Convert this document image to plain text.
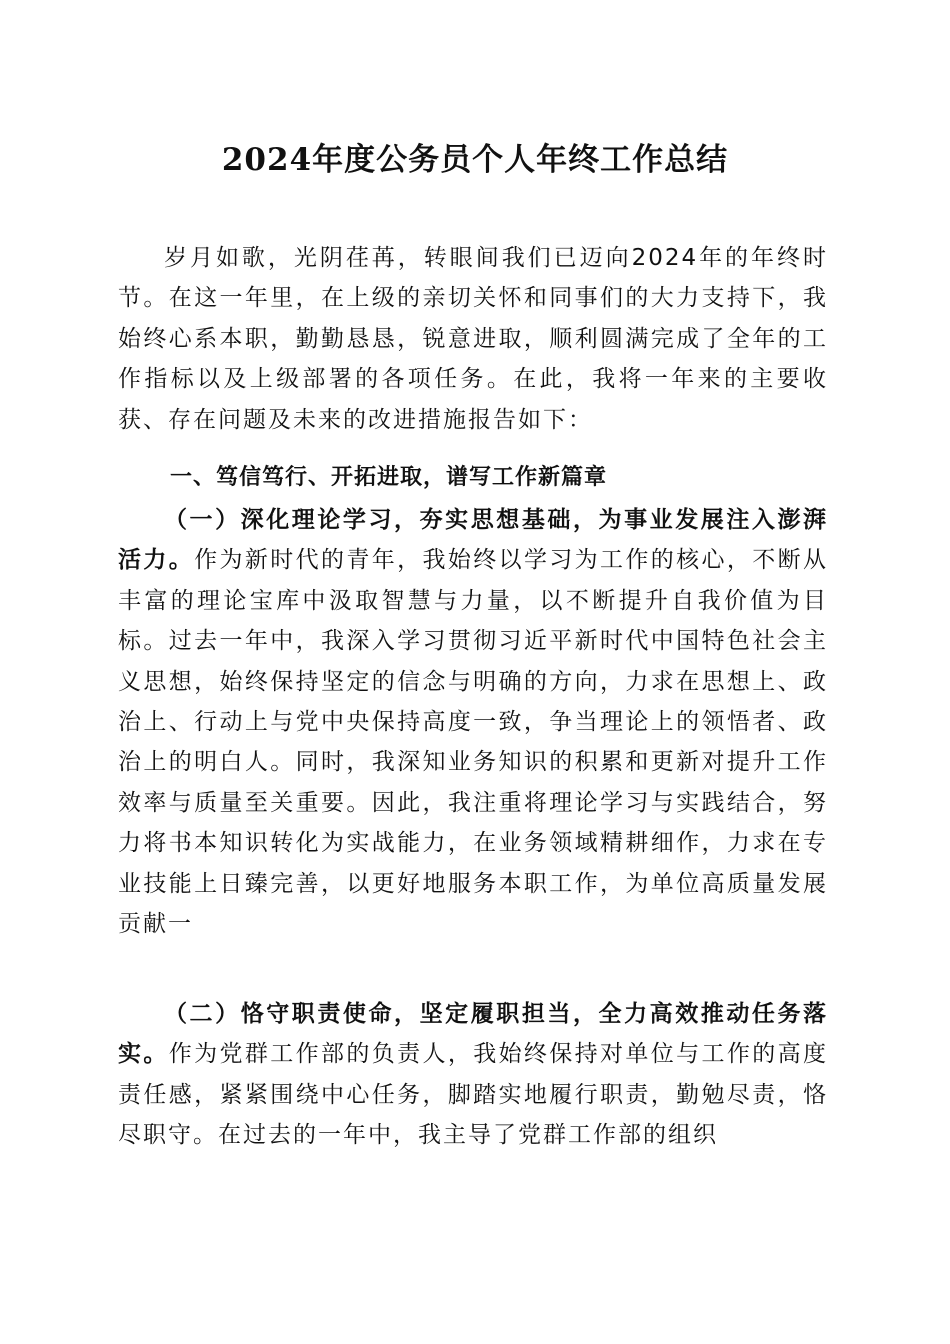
2024年度公务员个人年终工作总结

岁月如歌，光阴荏苒，转眼间我们已迈向2024年的年终时节。在这一年里，在上级的亲切关怀和同事们的大力支持下，我始终心系本职，勤勤恳恳，锐意进取，顺利圆满完成了全年的工作指标以及上级部署的各项任务。在此，我将一年来的主要收获、存在问题及未来的改进措施报告如下：

一、笃信笃行、开拓进取，谱写工作新篇章

（一）深化理论学习，夯实思想基础，为事业发展注入澎湃活力。作为新时代的青年，我始终以学习为工作的核心，不断从丰富的理论宝库中汲取智慧与力量，以不断提升自我价值为目标。过去一年中，我深入学习贯彻习近平新时代中国特色社会主义思想，始终保持坚定的信念与明确的方向，力求在思想上、政治上、行动上与党中央保持高度一致，争当理论上的领悟者、政治上的明白人。同时，我深知业务知识的积累和更新对提升工作效率与质量至关重要。因此，我注重将理论学习与实践结合，努力将书本知识转化为实战能力，在业务领域精耕细作，力求在专业技能上日臻完善，以更好地服务本职工作，为单位高质量发展贡献一

（二）恪守职责使命，坚定履职担当，全力高效推动任务落实。作为党群工作部的负责人，我始终保持对单位与工作的高度责任感，紧紧围绕中心任务，脚踏实地履行职责，勤勉尽责，恪尽职守。在过去的一年中，我主导了党群工作部的组织
